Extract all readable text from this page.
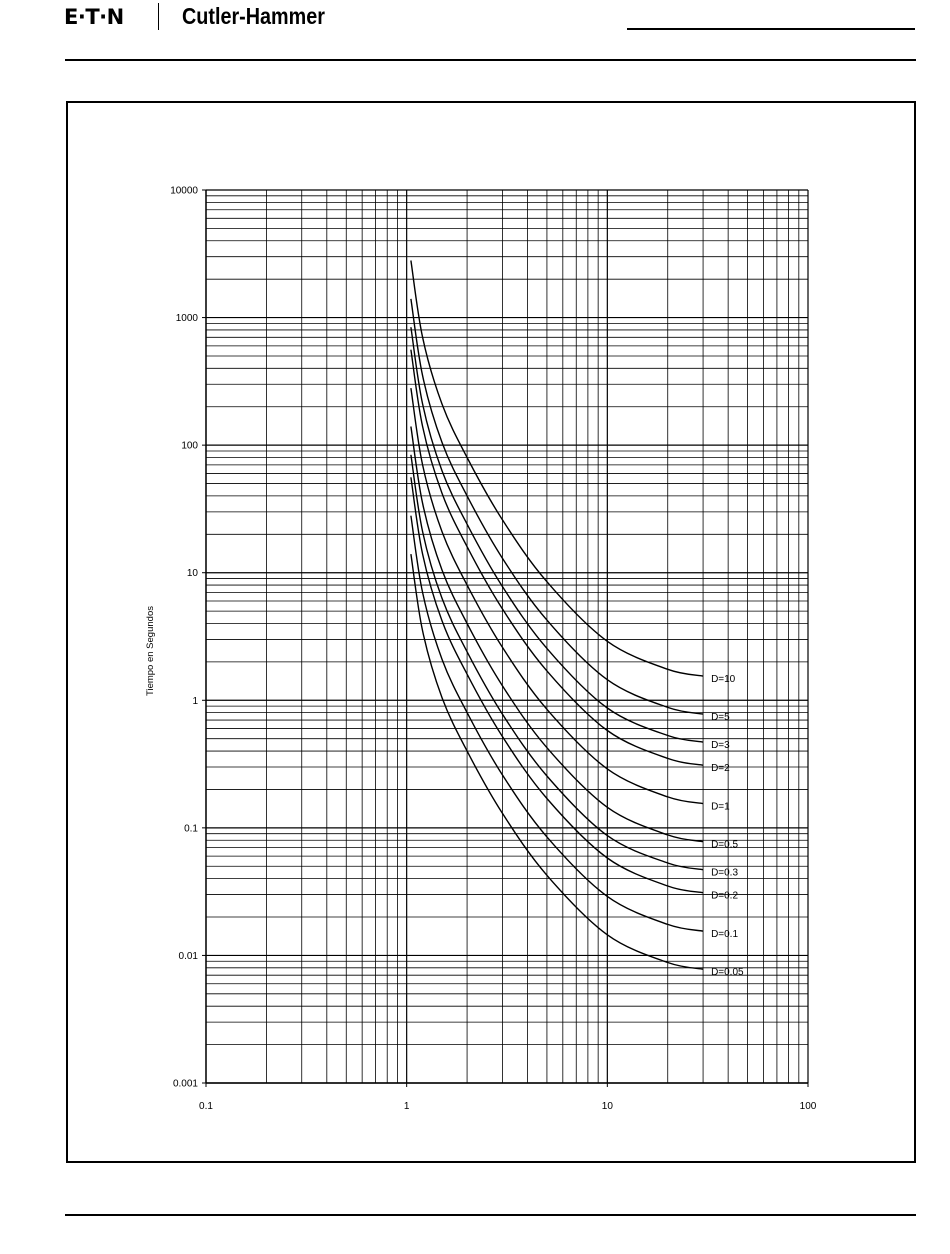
E·T·N	Cutler-Hammer
10000
1000
100
10
1
0.1
0.01
0.001
0.1	1	10	100
D=10
D=5
D=3
D=2
D=1
D=0.5
D=0.3
D=0.2
D=0.1
D=0.05
Tiempo en Segundos
